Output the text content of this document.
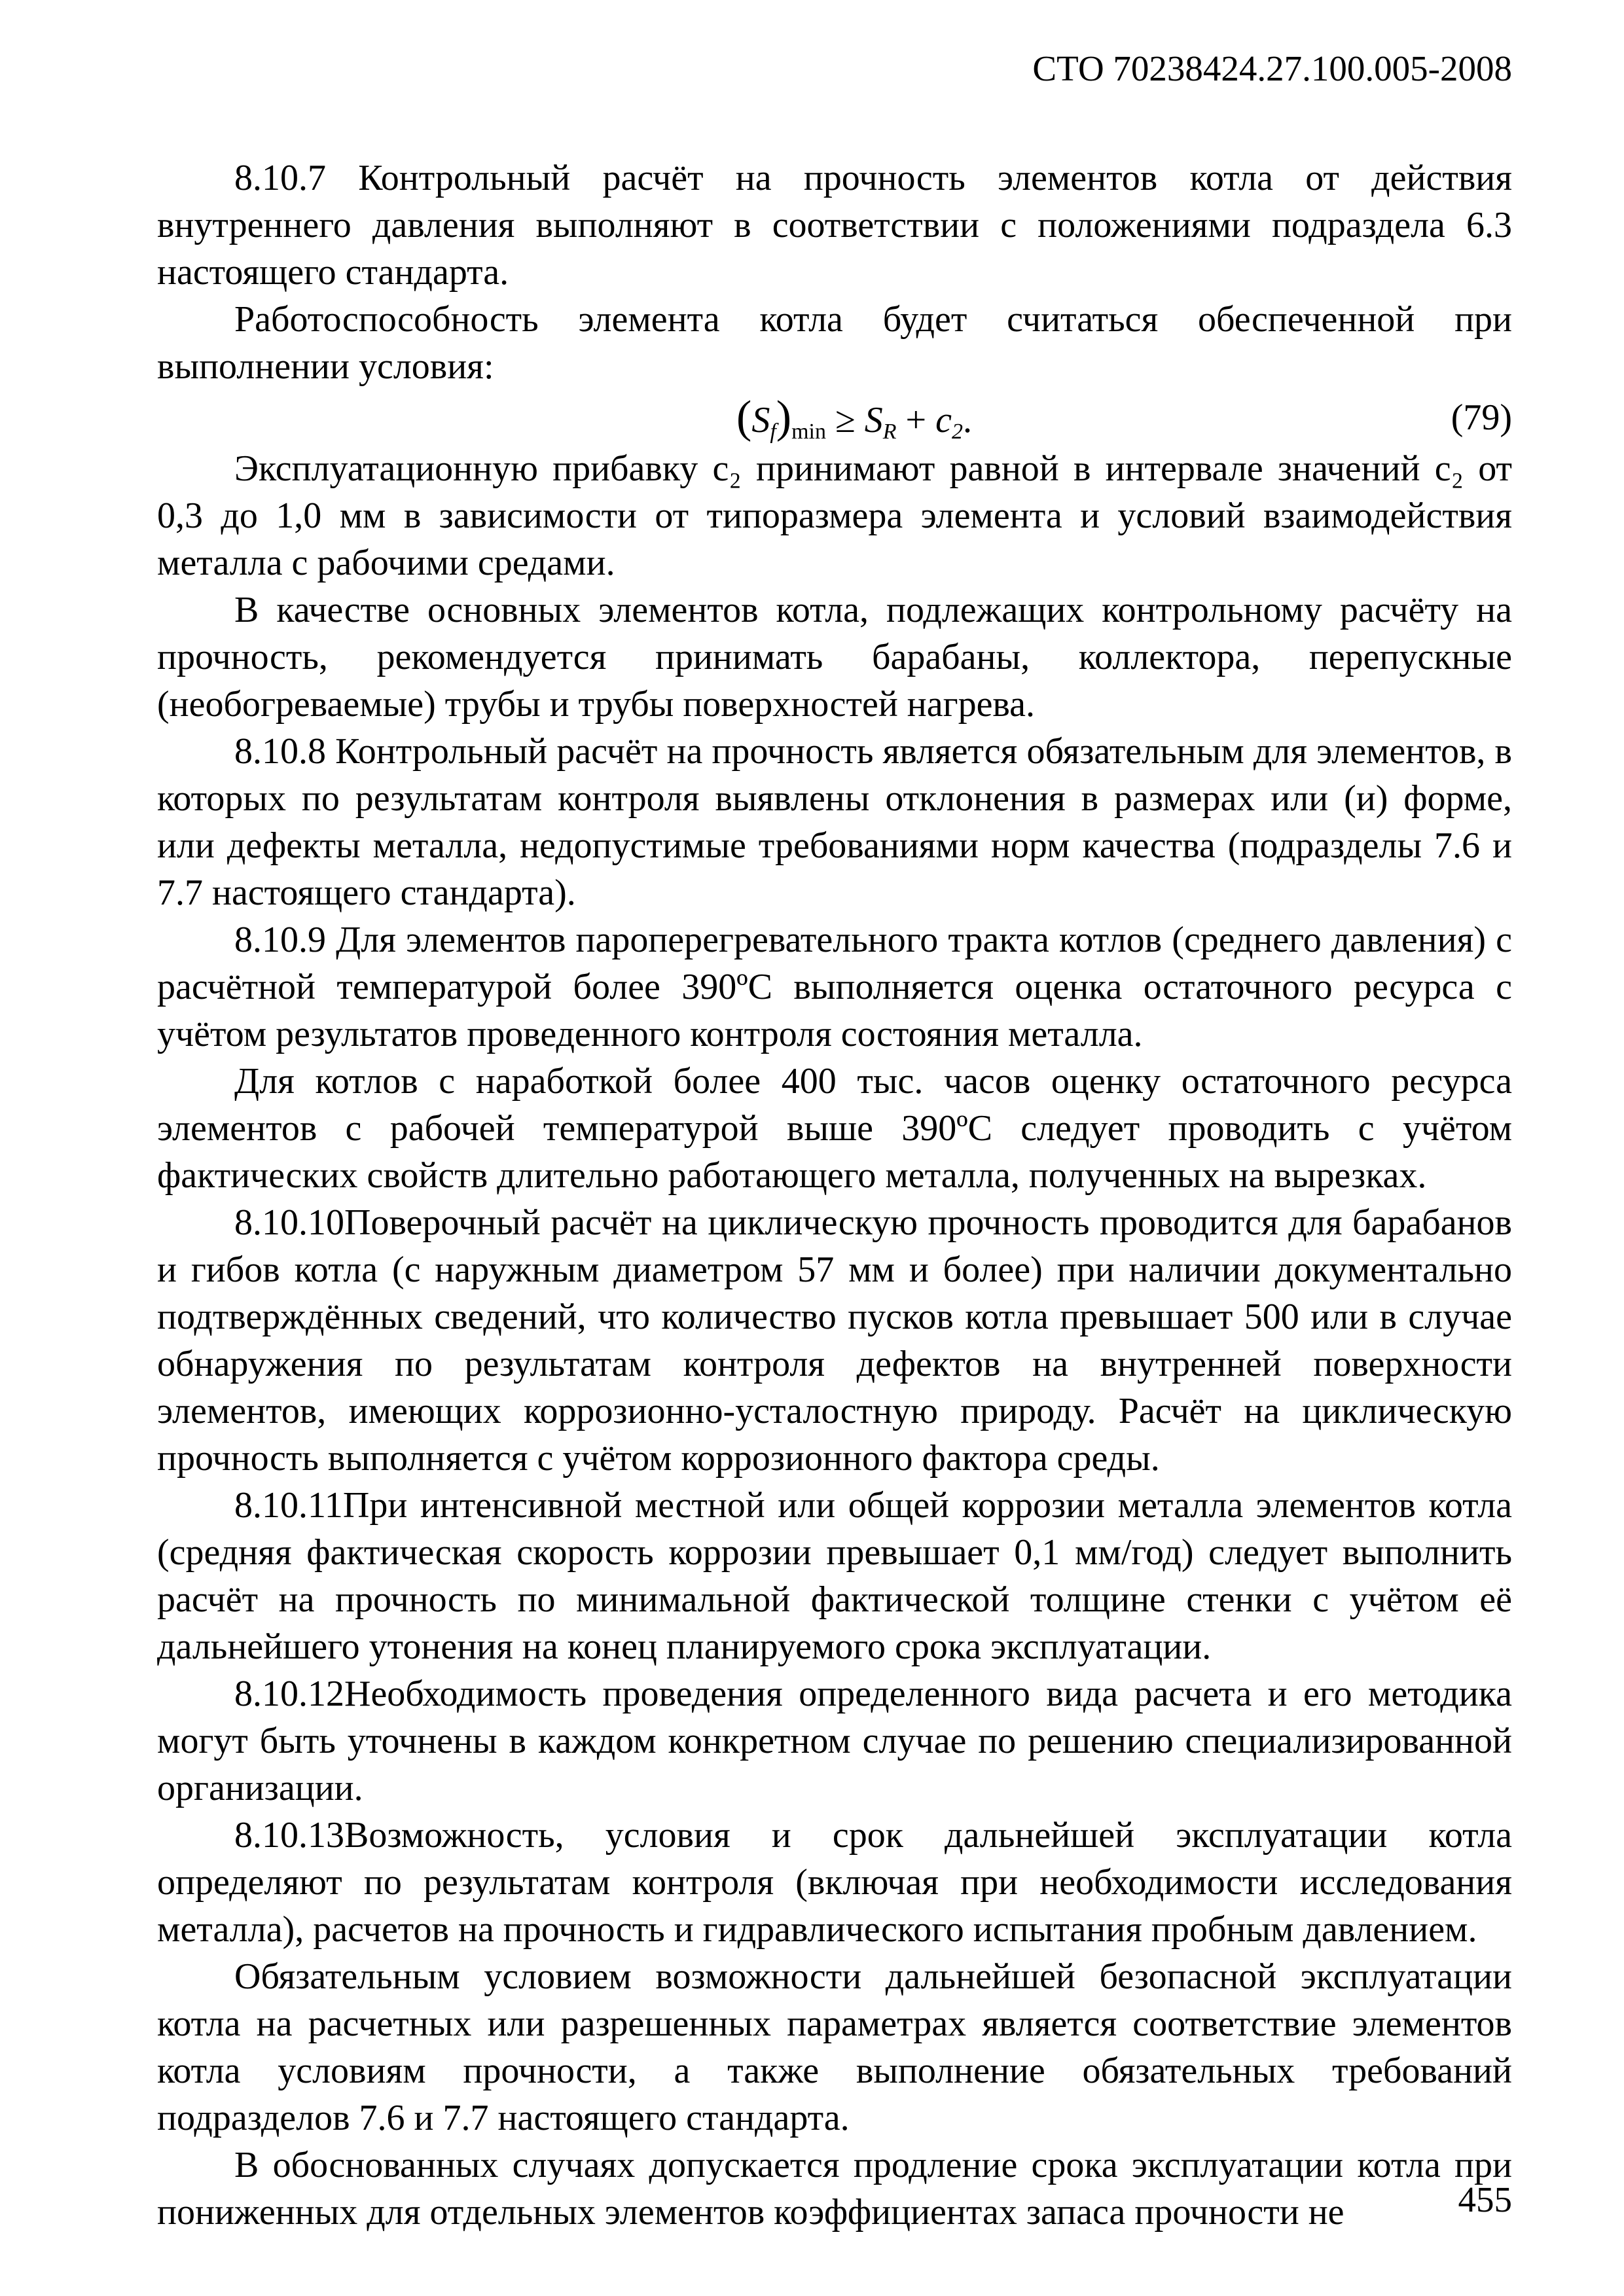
СТО 70238424.27.100.005-2008

8.10.7 Контрольный расчёт на прочность элементов котла от действия внутреннего давления выполняют в соответствии с положениями подраздела 6.3 настоящего стандарта.

Работоспособность элемента котла будет считаться обеспеченной при выполнении условия:

$(S_f)_{min} \ge S_R + c_2$.	(79)

Эксплуатационную прибавку c₂ принимают равной в интервале значений c₂ от 0,3 до 1,0 мм в зависимости от типоразмера элемента и условий взаимодействия металла с рабочими средами.

В качестве основных элементов котла, подлежащих контрольному расчёту на прочность, рекомендуется принимать барабаны, коллектора, перепускные (необогреваемые) трубы и трубы поверхностей нагрева.

8.10.8 Контрольный расчёт на прочность является обязательным для элементов, в которых по результатам контроля выявлены отклонения в размерах или (и) форме, или дефекты металла, недопустимые требованиями норм качества (подразделы 7.6 и 7.7 настоящего стандарта).

8.10.9 Для элементов пароперегревательного тракта котлов (среднего давления) с расчётной температурой более 390ºС выполняется оценка остаточного ресурса с учётом результатов проведенного контроля состояния металла.

Для котлов с наработкой более 400 тыс. часов оценку остаточного ресурса элементов с рабочей температурой выше 390ºС следует проводить с учётом фактических свойств длительно работающего металла, полученных на вырезках.

8.10.10Поверочный расчёт на циклическую прочность проводится для барабанов и гибов котла (с наружным диаметром 57 мм и более) при наличии документально подтверждённых сведений, что количество пусков котла превышает 500 или в случае обнаружения по результатам контроля дефектов на внутренней поверхности элементов, имеющих коррозионно-усталостную природу. Расчёт на циклическую прочность выполняется с учётом коррозионного фактора среды.

8.10.11При интенсивной местной или общей коррозии металла элементов котла (средняя фактическая скорость коррозии превышает 0,1 мм/год) следует выполнить расчёт на прочность по минимальной фактической толщине стенки с учётом её дальнейшего утонения на конец планируемого срока эксплуатации.

8.10.12Необходимость проведения определенного вида расчета и его методика могут быть уточнены в каждом конкретном случае по решению специализированной организации.

8.10.13Возможность, условия и срок дальнейшей эксплуатации котла определяют по результатам контроля (включая при необходимости исследования металла), расчетов на прочность и гидравлического испытания пробным давлением.

Обязательным условием возможности дальнейшей безопасной эксплуатации котла на расчетных или разрешенных параметрах является соответствие элементов котла условиям прочности, а также выполнение обязательных требований подразделов 7.6 и 7.7 настоящего стандарта.

В обоснованных случаях допускается продление срока эксплуатации котла при пониженных для отдельных элементов коэффициентах запаса прочности не	455
